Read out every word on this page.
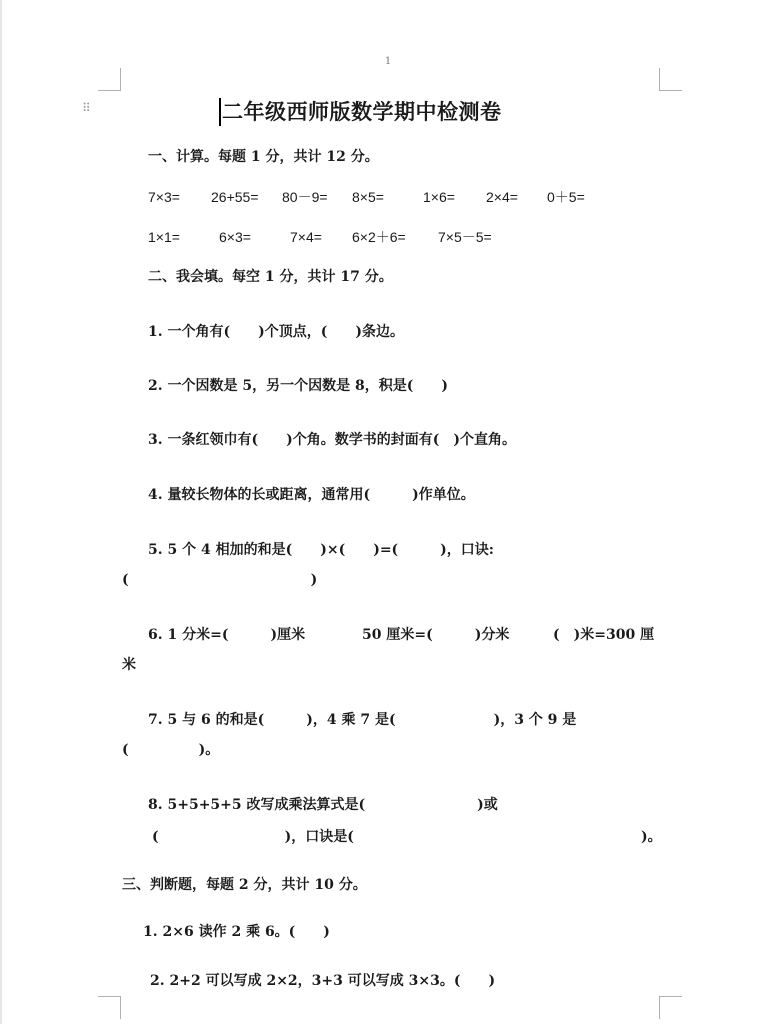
1
⠿	二年级西师版数学期中检测卷
一、计算。每题 1 分，共计 12 分。
7×3= 26+55= 80－9= 8×5=	1×6= 2×4= 0＋5=
1×1=	6×3=	7×4= 6×2＋6= 7×5－5=
二、我会填。每空 1 分，共计 17 分。
1. 一个角有(　　)个顶点，(　　)条边。
2. 一个因数是 5，另一个因数是 8，积是(　　)
3. 一条红领巾有(　　)个角。数学书的封面有(　)个直角。
4. 量较长物体的长或距离，通常用(　　　)作单位。
5. 5 个 4 相加的和是(　　)×(　　)=(　　　)，口诀:
(　　　　　　　　　　　　　)
6. 1 分米=(　　　)厘米	50 厘米=(　　　)分米	(　)米=300 厘
米
7. 5 与 6 的和是(　　　)，4 乘 7 是(　　　　　　　)，3 个 9 是
(　　　　　)。
8. 5+5+5+5 改写成乘法算式是(　　　　　　　　)或
(　　　　　　　　　)，口诀是(	)。
三、判断题，每题 2 分，共计 10 分。
1. 2×6 读作 2 乘 6。(　　)
2. 2+2 可以写成 2×2，3+3 可以写成 3×3。(　　)
